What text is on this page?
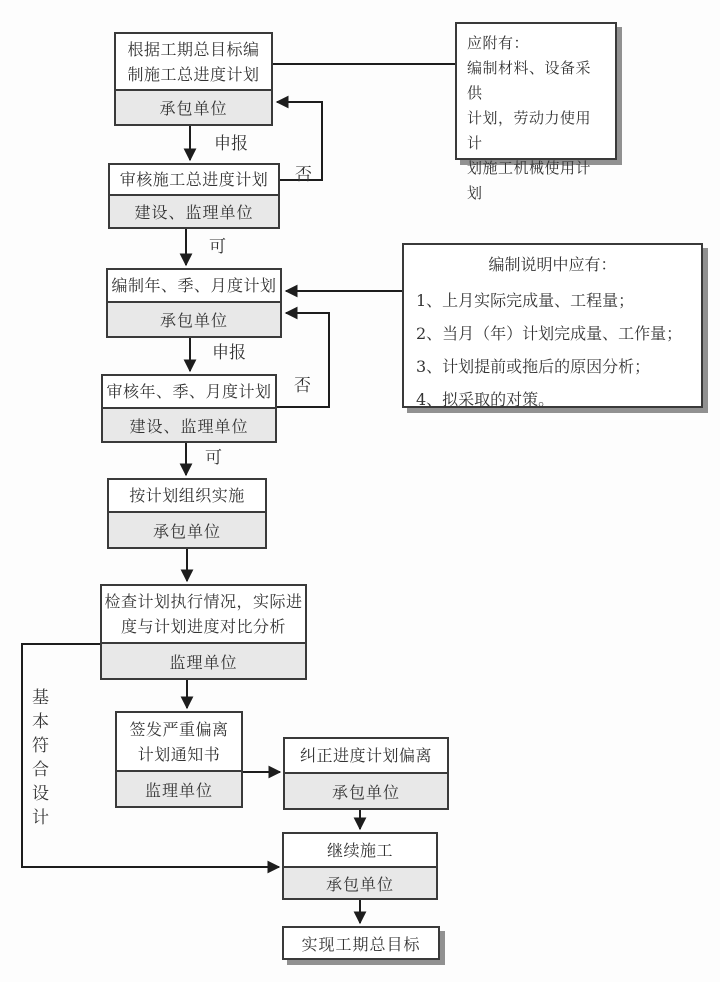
根据工期总目标编
制施工总进度计划
承包单位
审核施工总进度计划
建设、监理单位
编制年、季、月度计划
承包单位
审核年、季、月度计划
建设、监理单位
按计划组织实施
承包单位
检查计划执行情况，实际进
度与计划进度对比分析
监理单位
签发严重偏离
计划通知书
监理单位
纠正进度计划偏离
承包单位
继续施工
承包单位
实现工期总目标
应附有：
编制材料、设备采供
计划，劳动力使用计
划施工机械使用计
划
编制说明中应有：
1、上月实际完成量、工程量；
2、当月（年）计划完成量、工作量；
3、计划提前或拖后的原因分析；
4、拟采取的对策。
申报
否
可
申报
否
可
基本符合设计
